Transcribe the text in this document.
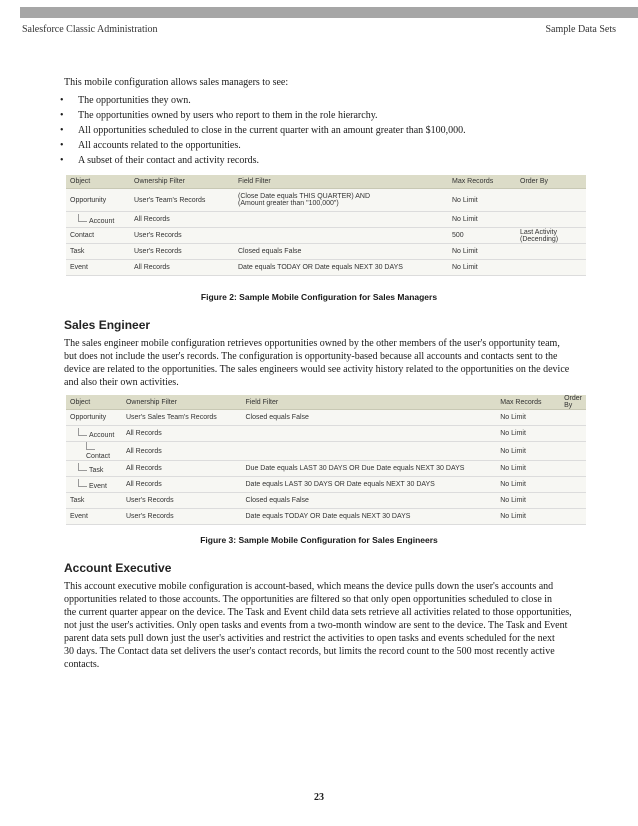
Salesforce Classic Administration	Sample Data Sets
This mobile configuration allows sales managers to see:
• The opportunities they own.
• The opportunities owned by users who report to them in the role hierarchy.
• All opportunities scheduled to close in the current quarter with an amount greater than $100,000.
• All accounts related to the opportunities.
• A subset of their contact and activity records.
Object	Ownership Filter	Field Filter	Max Records	Order By
Opportunity	User's Team's Records	(Close Date equals THIS QUARTER) AND
(Amount greater than "100,000")	No Limit	
Account	All Records		No Limit	
Contact	User's Records		500	Last Activity (Decending)
Task	User's Records	Closed equals False	No Limit	
Event	All Records	Date equals TODAY OR Date equals NEXT 30 DAYS	No Limit	
Figure 2: Sample Mobile Configuration for Sales Managers
Sales Engineer
The sales engineer mobile configuration retrieves opportunities owned by the other members of the user's opportunity team,
but does not include the user's records. The configuration is opportunity-based because all accounts and contacts sent to the
device are related to the opportunities. The sales engineers would see activity history related to the opportunities on the device
and also their own activities.
Object	Ownership Filter	Field Filter	Max Records	Order By
Opportunity	User's Sales Team's Records	Closed equals False	No Limit	
Account	All Records		No Limit	
Contact	All Records		No Limit	
Task	All Records	Due Date equals LAST 30 DAYS OR Due Date equals NEXT 30 DAYS	No Limit	
Event	All Records	Date equals LAST 30 DAYS OR Date equals NEXT 30 DAYS	No Limit	
Task	User's Records	Closed equals False	No Limit	
Event	User's Records	Date equals TODAY OR Date equals NEXT 30 DAYS	No Limit	
Figure 3: Sample Mobile Configuration for Sales Engineers
Account Executive
This account executive mobile configuration is account-based, which means the device pulls down the user's accounts and
opportunities related to those accounts. The opportunities are filtered so that only open opportunities scheduled to close in
the current quarter appear on the device. The Task and Event child data sets retrieve all activities related to those opportunities,
not just the user's activities. Only open tasks and events from a two-month window are sent to the device. The Task and Event
parent data sets pull down just the user's activities and restrict the activities to open tasks and events scheduled for the next
30 days. The Contact data set delivers the user's contact records, but limits the record count to the 500 most recently active
contacts.
23
